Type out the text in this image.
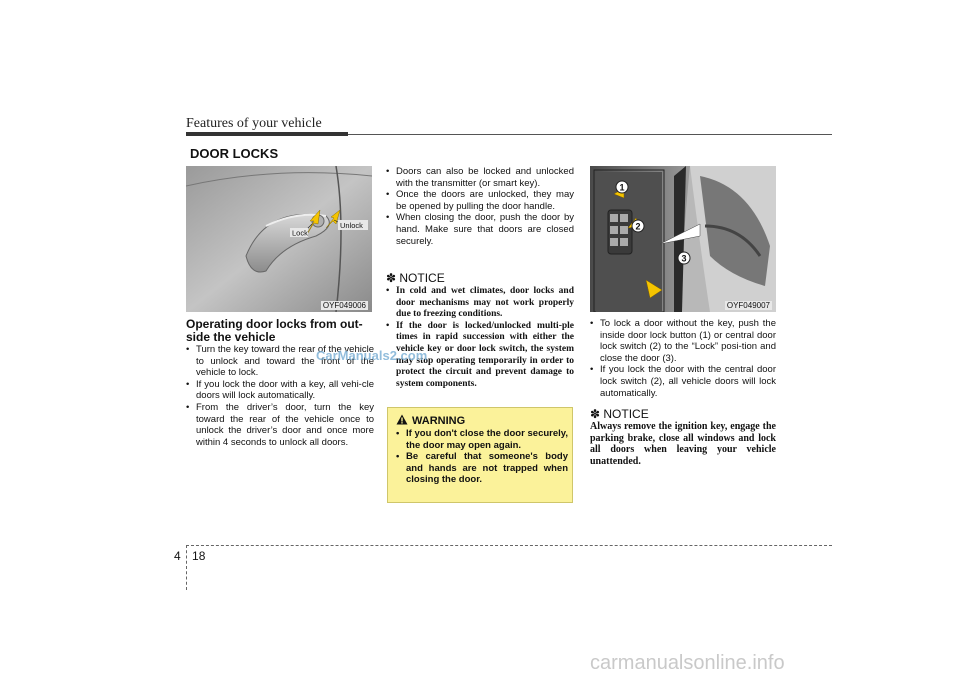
Features of your vehicle
DOOR LOCKS
Lock
Unlock
OYF049006
1
2
3
OYF049007
Operating door locks from out-side the vehicle
• Turn the key toward the rear of the vehicle to unlock and toward the front of the vehicle to lock.
• If you lock the door with a key, all vehi-cle doors will lock automatically.
• From the driver’s door, turn the key toward the rear of the vehicle once to unlock the driver’s door and once more within 4 seconds to unlock all doors.
• Doors can also be locked and unlocked with the transmitter (or smart key).
• Once the doors are unlocked, they may be opened by pulling the door handle.
• When closing the door, push the door by hand. Make sure that doors are closed securely.
✽ NOTICE
• In cold and wet climates, door locks and door mechanisms may not work properly due to freezing conditions.
• If the door is locked/unlocked multi-ple times in rapid succession with either the vehicle key or door lock switch, the system may stop operating temporarily in order to protect the circuit and prevent damage to system components.
WARNING
• If you don't close the door securely, the door may open again.
• Be careful that someone's body and hands are not trapped when closing the door.
• To lock a door without the key, push the inside door lock button (1) or central door lock switch (2) to the “Lock” posi-tion and close the door (3).
• If you lock the door with the central door lock switch (2), all vehicle doors will lock automatically.
✽ NOTICE
Always remove the ignition key, engage the parking brake, close all windows and lock all doors when leaving your vehicle unattended.
CarManuals2.com
4 18
carmanualsonline.info
